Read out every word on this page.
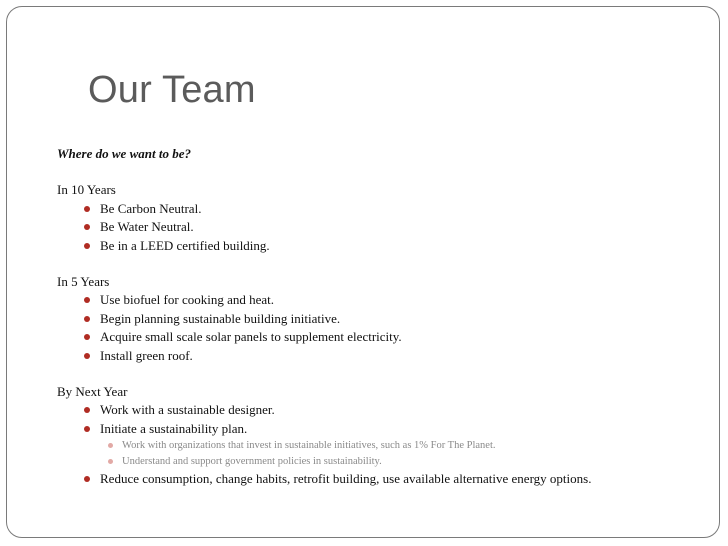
Our Team

Where do we want to be?

In 10 Years

Be Carbon Neutral.
Be Water Neutral.
Be in a LEED certified building.

In 5 Years

Use biofuel for cooking and heat.
Begin planning sustainable building initiative.
Acquire small scale solar panels to supplement electricity.
Install green roof.

By Next Year

Work with a sustainable designer.
Initiate a sustainability plan.
Work with organizations that invest in sustainable initiatives, such as 1% For The Planet.
Understand and support government policies in sustainability.
Reduce consumption, change habits, retrofit building, use available alternative energy options.
